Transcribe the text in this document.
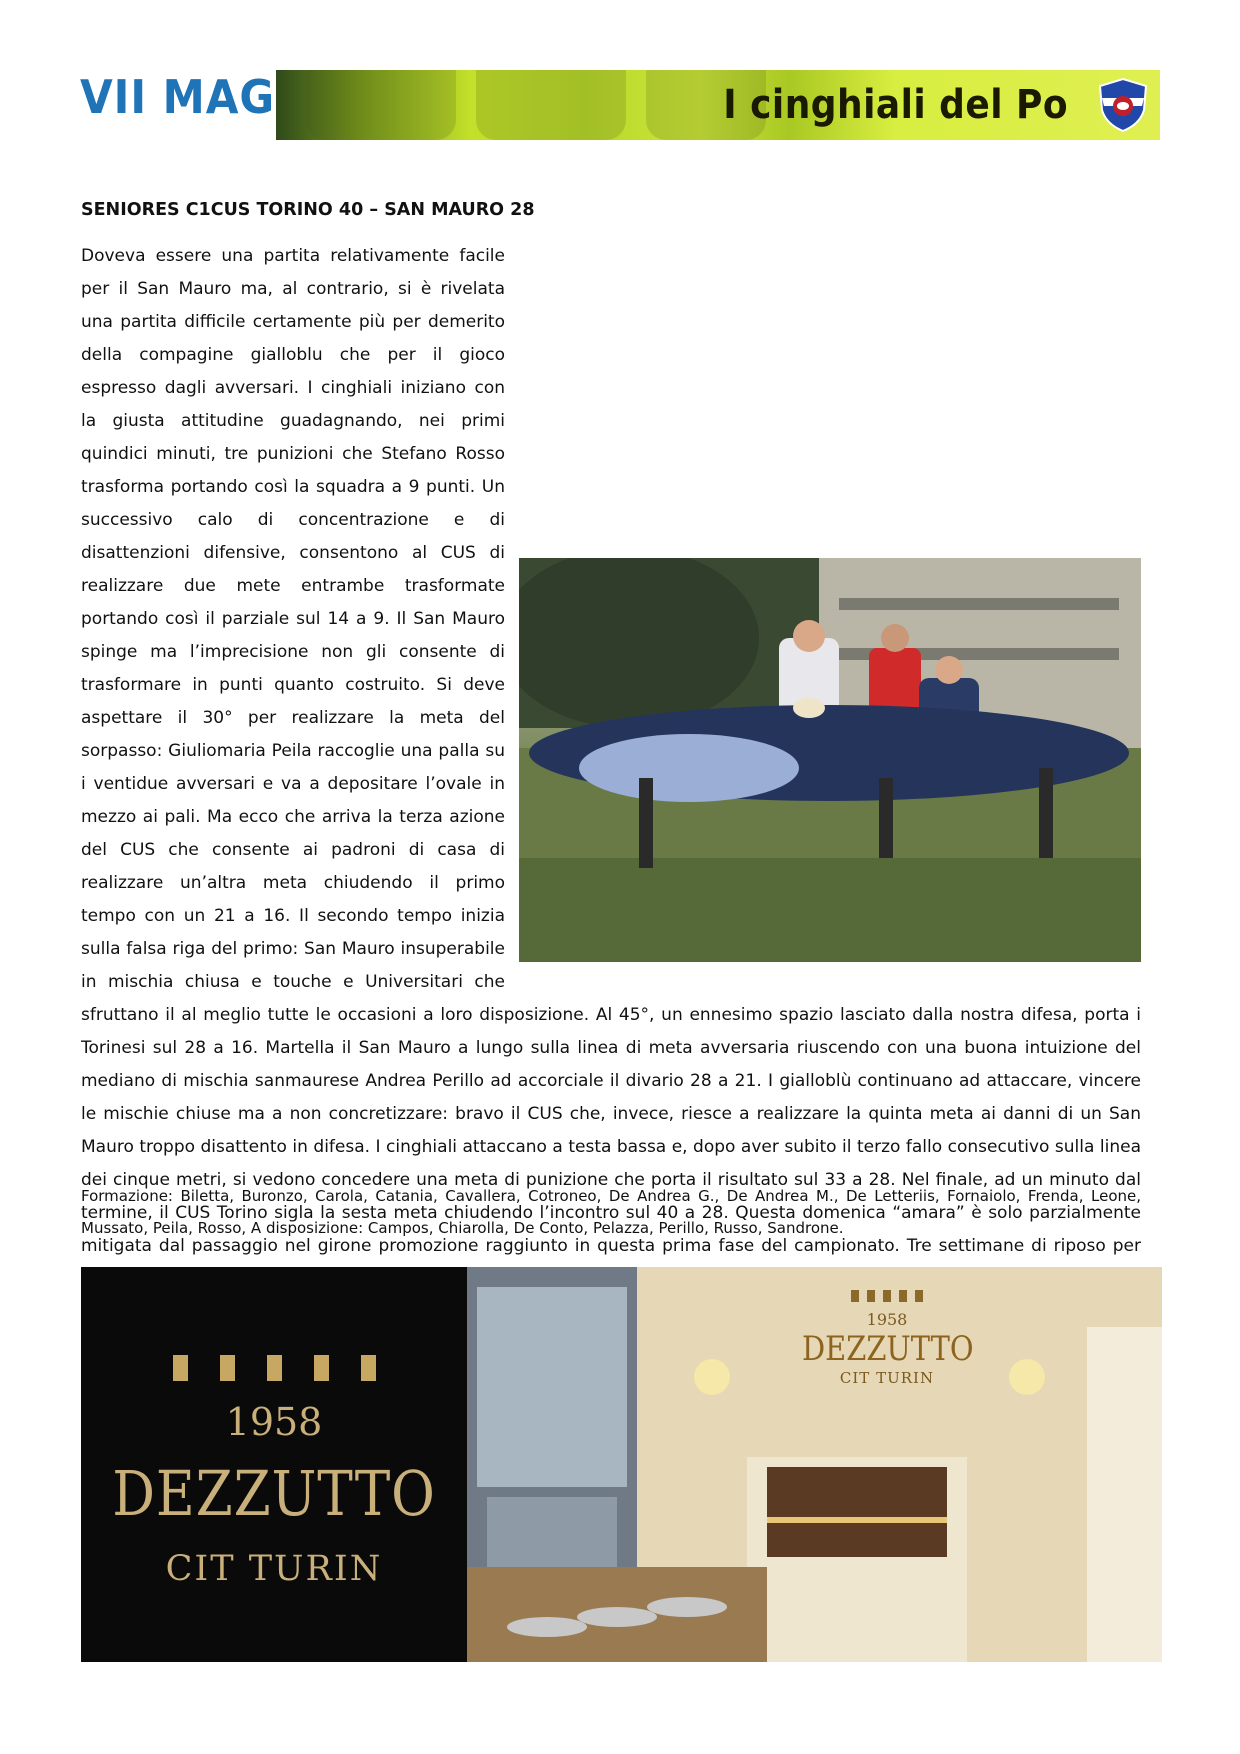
VII MAG	I cinghiali del Po
SENIORES C1CUS TORINO 40 – SAN MAURO 28
Doveva essere una partita relativamente facile per il San Mauro ma, al contrario, si è rivelata una partita difficile certamente più per demerito della compagine gialloblu che per il gioco espresso dagli avversari. I cinghiali iniziano con la giusta attitudine guadagnando, nei primi quindici minuti, tre punizioni che Stefano Rosso trasforma portando così la squadra a 9 punti. Un successivo calo di concentrazione e di disattenzioni difensive, consentono al CUS di realizzare due mete entrambe trasformate portando così il parziale sul 14 a 9. Il San Mauro spinge ma l’imprecisione non gli consente di trasformare in punti quanto costruito. Si deve aspettare il 30° per realizzare la meta del sorpasso: Giuliomaria Peila raccoglie una palla su i ventidue avversari e va a depositare l’ovale in mezzo ai pali. Ma ecco che arriva la terza azione del CUS che consente ai padroni di casa di realizzare un’altra meta chiudendo il primo tempo con un 21 a 16. Il secondo tempo inizia sulla falsa riga del primo: San Mauro insuperabile in mischia chiusa e touche e Universitari che sfruttano il al meglio tutte le occasioni a loro disposizione. Al 45°, un ennesimo spazio lasciato dalla nostra difesa, porta i Torinesi sul 28 a 16. Martella il San Mauro a lungo sulla linea di meta avversaria riuscendo con una buona intuizione del mediano di mischia sanmaurese Andrea Perillo ad accorciale il divario 28 a 21. I gialloblù continuano ad attaccare, vincere le mischie chiuse ma a non concretizzare: bravo il CUS che, invece, riesce a realizzare la quinta meta ai danni di un San Mauro troppo disattento in difesa. I cinghiali attaccano a testa bassa e, dopo aver subito il terzo fallo consecutivo sulla linea dei cinque metri, si vedono concedere una meta di punizione che porta il risultato sul 33 a 28. Nel finale, ad un minuto dal termine, il CUS Torino sigla la sesta meta chiudendo l’incontro sul 40 a 28. Questa domenica “amara” è solo parzialmente mitigata dal passaggio nel girone promozione raggiunto in questa prima fase del campionato. Tre settimane di riposo per
Formazione: Biletta, Buronzo, Carola, Catania, Cavallera, Cotroneo, De Andrea G., De Andrea M., De Letteriis, Fornaiolo, Frenda, Leone, Mussato, Peila, Rosso, A disposizione: Campos, Chiarolla, De Conto, Pelazza, Perillo, Russo, Sandrone.
1958
DEZZUTTO
CIT TURIN
1958
DEZZUTTO
CIT TURIN
